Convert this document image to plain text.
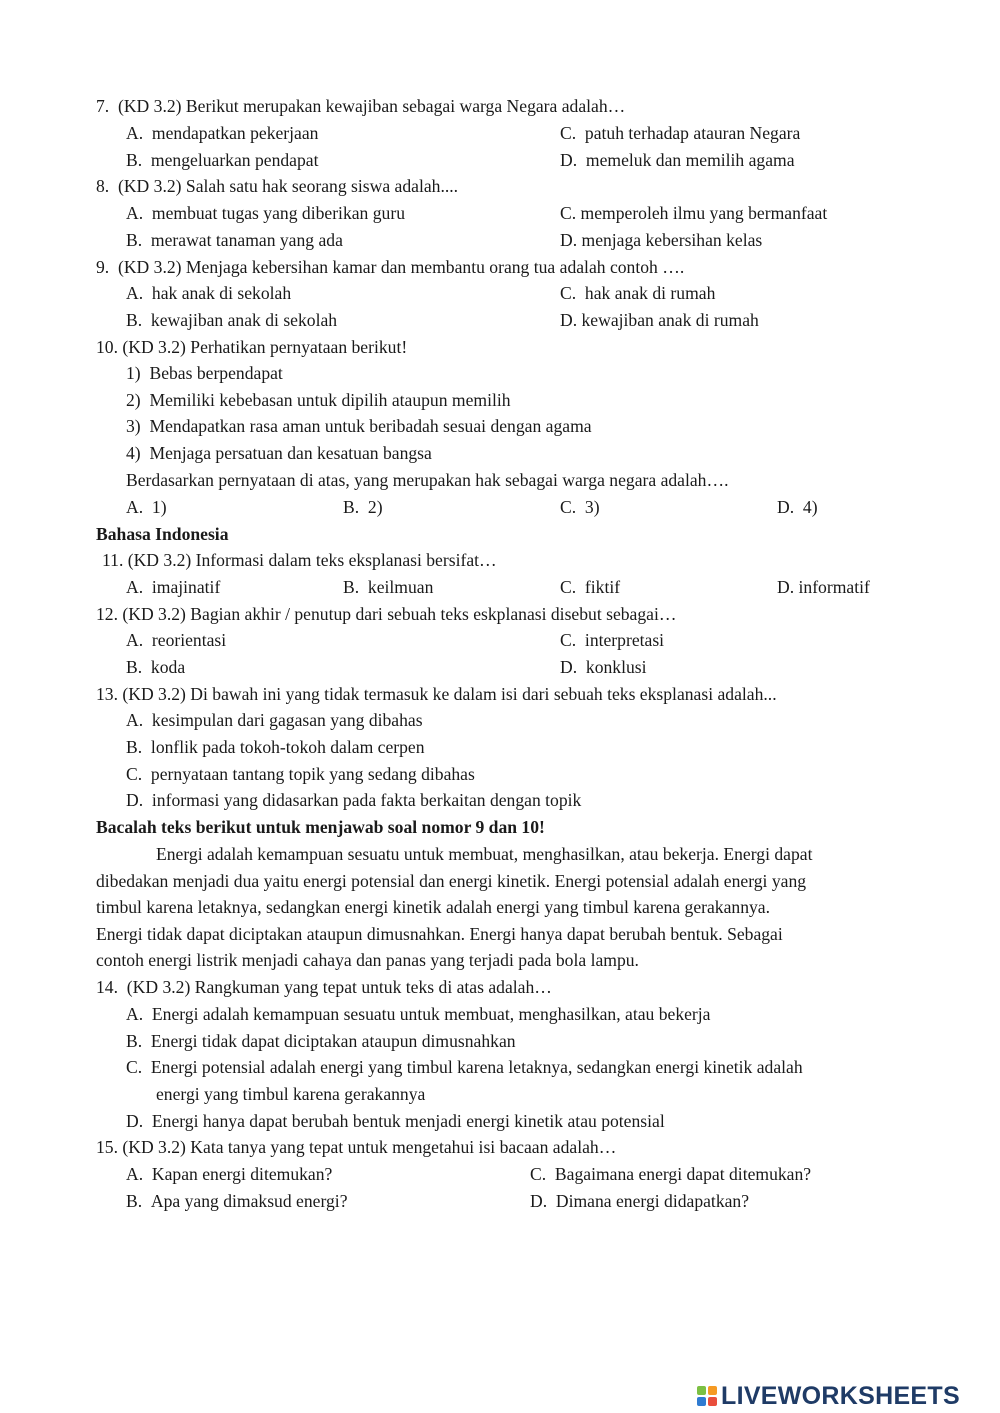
7.  (KD 3.2) Berikut merupakan kewajiban sebagai warga Negara adalah…
A.  mendapatkan pekerjaan	C.  patuh terhadap atauran Negara
B.  mengeluarkan pendapat	D.  memeluk dan memilih agama
8.  (KD 3.2) Salah satu hak seorang siswa adalah....
A.  membuat tugas yang diberikan guru	C. memperoleh ilmu yang bermanfaat
B.  merawat tanaman yang ada	D. menjaga kebersihan kelas
9.  (KD 3.2) Menjaga kebersihan kamar dan membantu orang tua adalah contoh ….
A.  hak anak di sekolah	C.  hak anak di rumah
B.  kewajiban anak di sekolah	D. kewajiban anak di rumah
10. (KD 3.2) Perhatikan pernyataan berikut!
1)  Bebas berpendapat
2)  Memiliki kebebasan untuk dipilih ataupun memilih
3)  Mendapatkan rasa aman untuk beribadah sesuai dengan agama
4)  Menjaga persatuan dan kesatuan bangsa
Berdasarkan pernyataan di atas, yang merupakan hak sebagai warga negara adalah….
A.  1)	B.  2)	C.  3)	D.  4)
Bahasa Indonesia
11. (KD 3.2) Informasi dalam teks eksplanasi bersifat…
A.  imajinatif	B.  keilmuan	C.  fiktif	D. informatif
12. (KD 3.2) Bagian akhir / penutup dari sebuah teks eskplanasi disebut sebagai…
A.  reorientasi	C.  interpretasi
B.  koda	D.  konklusi
13. (KD 3.2) Di bawah ini yang tidak termasuk ke dalam isi dari sebuah teks eksplanasi adalah...
A.  kesimpulan dari gagasan yang dibahas
B.  lonflik pada tokoh-tokoh dalam cerpen
C.  pernyataan tantang topik yang sedang dibahas
D.  informasi yang didasarkan pada fakta berkaitan dengan topik
Bacalah teks berikut untuk menjawab soal nomor 9 dan 10!
Energi adalah kemampuan sesuatu untuk membuat, menghasilkan, atau bekerja. Energi dapat
dibedakan menjadi dua yaitu energi potensial dan energi kinetik. Energi potensial adalah energi yang
timbul karena letaknya, sedangkan energi kinetik adalah energi yang timbul karena gerakannya.
Energi tidak dapat diciptakan ataupun dimusnahkan. Energi hanya dapat berubah bentuk. Sebagai
contoh energi listrik menjadi cahaya dan panas yang terjadi pada bola lampu.
14.  (KD 3.2) Rangkuman yang tepat untuk teks di atas adalah…
A.  Energi adalah kemampuan sesuatu untuk membuat, menghasilkan, atau bekerja
B.  Energi tidak dapat diciptakan ataupun dimusnahkan
C.  Energi potensial adalah energi yang timbul karena letaknya, sedangkan energi kinetik adalah
energi yang timbul karena gerakannya
D.  Energi hanya dapat berubah bentuk menjadi energi kinetik atau potensial
15. (KD 3.2) Kata tanya yang tepat untuk mengetahui isi bacaan adalah…
A.  Kapan energi ditemukan?	C.  Bagaimana energi dapat ditemukan?
B.  Apa yang dimaksud energi?	D.  Dimana energi didapatkan?
LIVEWORKSHEETS
